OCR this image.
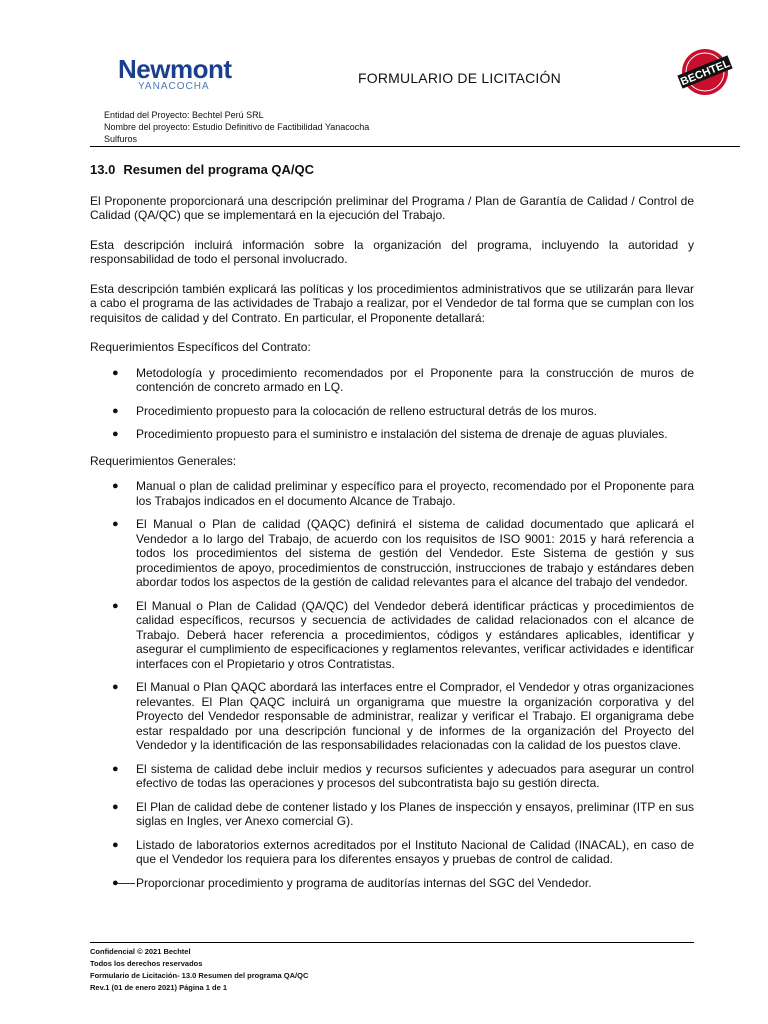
Newmont
YANACOCHA
FORMULARIO DE LICITACIÓN	BECHTEL
Entidad del Proyecto: Bechtel Perú SRL
Nombre del proyecto: Estudio Definitivo de Factibilidad Yanacocha
Sulfuros
13.0 Resumen del programa QA/QC

El Proponente proporcionará una descripción preliminar del Programa / Plan de Garantía de Calidad / Control de Calidad (QA/QC) que se implementará en la ejecución del Trabajo.

Esta descripción incluirá información sobre la organización del programa, incluyendo la autoridad y responsabilidad de todo el personal involucrado.

Esta descripción también explicará las políticas y los procedimientos administrativos que se utilizarán para llevar a cabo el programa de las actividades de Trabajo a realizar, por el Vendedor de tal forma que se cumplan con los requisitos de calidad y del Contrato. En particular, el Proponente detallará:

Requerimientos Específicos del Contrato:

● Metodología y procedimiento recomendados por el Proponente para la construcción de muros de contención de concreto armado en LQ.
● Procedimiento propuesto para la colocación de relleno estructural detrás de los muros.
● Procedimiento propuesto para el suministro e instalación del sistema de drenaje de aguas pluviales.

Requerimientos Generales:

● Manual o plan de calidad preliminar y específico para el proyecto, recomendado por el Proponente para los Trabajos indicados en el documento Alcance de Trabajo.
● El Manual o Plan de calidad (QAQC) definirá el sistema de calidad documentado que aplicará el Vendedor a lo largo del Trabajo, de acuerdo con los requisitos de ISO 9001: 2015 y hará referencia a todos los procedimientos del sistema de gestión del Vendedor. Este Sistema de gestión y sus procedimientos de apoyo, procedimientos de construcción, instrucciones de trabajo y estándares deben abordar todos los aspectos de la gestión de calidad relevantes para el alcance del trabajo del vendedor.
● El Manual o Plan de Calidad (QA/QC) del Vendedor deberá identificar prácticas y procedimientos de calidad específicos, recursos y secuencia de actividades de calidad relacionados con el alcance de Trabajo. Deberá hacer referencia a procedimientos, códigos y estándares aplicables, identificar y asegurar el cumplimiento de especificaciones y reglamentos relevantes, verificar actividades e identificar interfaces con el Propietario y otros Contratistas.
● El Manual o Plan QAQC abordará las interfaces entre el Comprador, el Vendedor y otras organizaciones relevantes. El Plan QAQC incluirá un organigrama que muestre la organización corporativa y del Proyecto del Vendedor responsable de administrar, realizar y verificar el Trabajo. El organigrama debe estar respaldado por una descripción funcional y de informes de la organización del Proyecto del Vendedor y la identificación de las responsabilidades relacionadas con la calidad de los puestos clave.
● El sistema de calidad debe incluir medios y recursos suficientes y adecuados para asegurar un control efectivo de todas las operaciones y procesos del subcontratista bajo su gestión directa.
● El Plan de calidad debe de contener listado y los Planes de inspección y ensayos, preliminar (ITP en sus siglas en Ingles, ver Anexo comercial G).
● Listado de laboratorios externos acreditados por el Instituto Nacional de Calidad (INACAL), en caso de que el Vendedor los requiera para los diferentes ensayos y pruebas de control de calidad.
● Proporcionar procedimiento y programa de auditorías internas del SGC del Vendedor.
Confidencial © 2021 Bechtel
Todos los derechos reservados
Formulario de Licitación- 13.0 Resumen del programa QA/QC
Rev.1 (01 de enero 2021) Página 1 de 1
